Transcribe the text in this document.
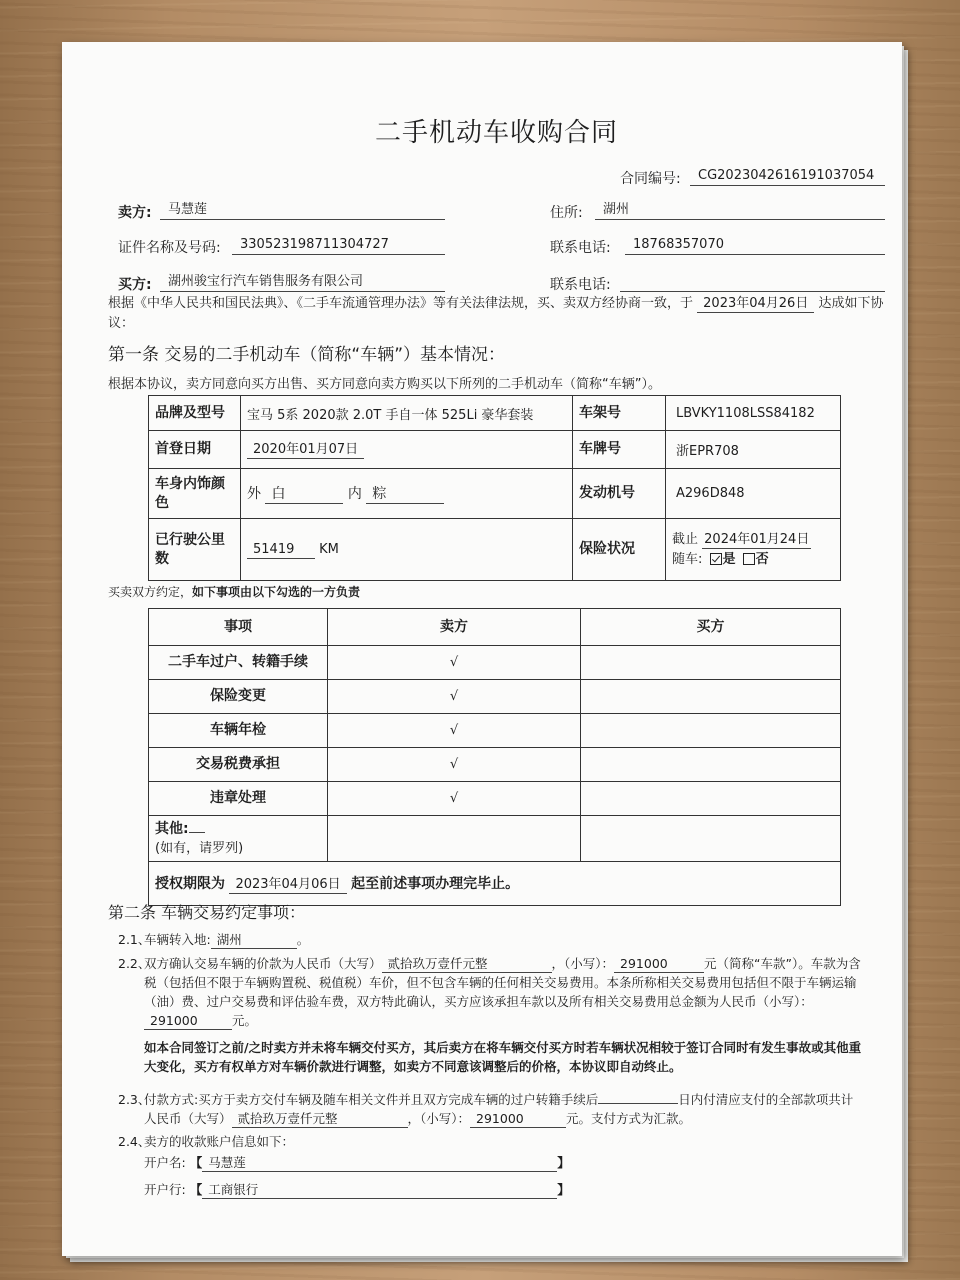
二手机动车收购合同
合同编号:	CG2023042616191037054
卖方:	马慧莲	住所:	湖州
证件名称及号码:	330523198711304727	联系电话:	18768357070
买方:	湖州骏宝行汽车销售服务有限公司	联系电话:
根据《中华人民共和国民法典》、《二手车流通管理办法》等有关法律法规，买、卖双方经协商一致，于 2023年04月26日 达成如下协议：
第一条 交易的二手机动车（简称“车辆”）基本情况：
根据本协议，卖方同意向买方出售、买方同意向卖方购买以下所列的二手机动车（简称“车辆”）。
品牌及型号	宝马 5系 2020款 2.0T 手自一体 525Li 豪华套装	车架号	LBVKY1108LSS84182
首登日期	2020年01月07日	车牌号	浙EPR708
车身内饰颜色	外 白 内 粽	发动机号	A296D848
已行驶公里数	51419 KM	保险状况	截止 2024年01月24日
随车: 是 否
买卖双方约定，如下事项由以下勾选的一方负责
事项	卖方	买方
二手车过户、转籍手续	√	
保险变更	√	
车辆年检	√	
交易税费承担	√	
违章处理	√	

其他:
(如有，请罗列)		

授权期限为 2023年04月06日 起至前述事项办理完毕止。		
第二条 车辆交易约定事项：
2.1、
车辆转入地: 湖州	。
2.2、
双方确认交易车辆的价款为人民币（大写） 贰拾玖万壹仟元整	，（小写）： 291000	元（简称“车款”）。车款为含税（包括但不限于车辆购置税、税值税）车价，但不包含车辆的任何相关交易费用。本条所称相关交易费用包括但不限于车辆运输（油）费、过户交易费和评估验车费，双方特此确认，买方应该承担车款以及所有相关交易费用总金额为人民币（小写）：291000	元。
如本合同签订之前/之时卖方并未将车辆交付买方，其后卖方在将车辆交付买方时若车辆状况相较于签订合同时有发生事故或其他重大变化，买方有权单方对车辆价款进行调整，如卖方不同意该调整后的价格，本协议即自动终止。
2.3、
付款方式:买方于卖方交付车辆及随车相关文件并且双方完成车辆的过户转籍手续后	日内付清应支付的全部款项共计人民币（大写） 贰拾玖万壹仟元整	，（小写）： 291000	元。支付方式为汇款。
2.4、
卖方的收款账户信息如下：
开户名: 【 马慧莲	】
开户行: 【 工商银行	】
